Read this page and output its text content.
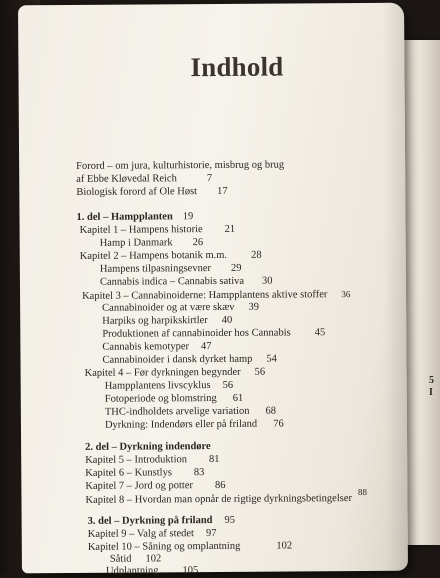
5
I
Indhold
Forord – om jura, kulturhistorie, misbrug og brug
af Ebbe Kløvedal Reich	7
Biologisk forord af Ole Høst 17
1. del – Hampplanten 19
Kapitel 1 – Hampens historie 21
Hamp i Danmark 26
Kapitel 2 – Hampens botanik m.m. 28
Hampens tilpasningsevner 29
Cannabis indica – Cannabis sativa 30
Kapitel 3 – Cannabinoiderne: Hampplantens aktive stoffer 36
Cannabinoider og at være skæv 39
Harpiks og harpikskirtler 40
Produktionen af cannabinoider hos Cannabis 45
Cannabis kemotyper 47
Cannabinoider i dansk dyrket hamp 54
Kapitel 4 – Før dyrkningen begynder 56
Hampplantens livscyklus 56
Fotoperiode og blomstring 61
THC-indholdets arvelige variation 68
Dyrkning: Indendørs eller på friland 76
2. del – Dyrkning indendøre
Kapitel 5 – Introduktion 81
Kapitel 6 – Kunstlys 83
Kapitel 7 – Jord og potter 86
Kapitel 8 – Hvordan man opnår de rigtige dyrkningsbetingelser88
3. del – Dyrkning på friland 95
Kapitel 9 – Valg af stedet 97
Kapitel 10 – Såning og omplantning	102
Såtid 102
Udplantning 105
